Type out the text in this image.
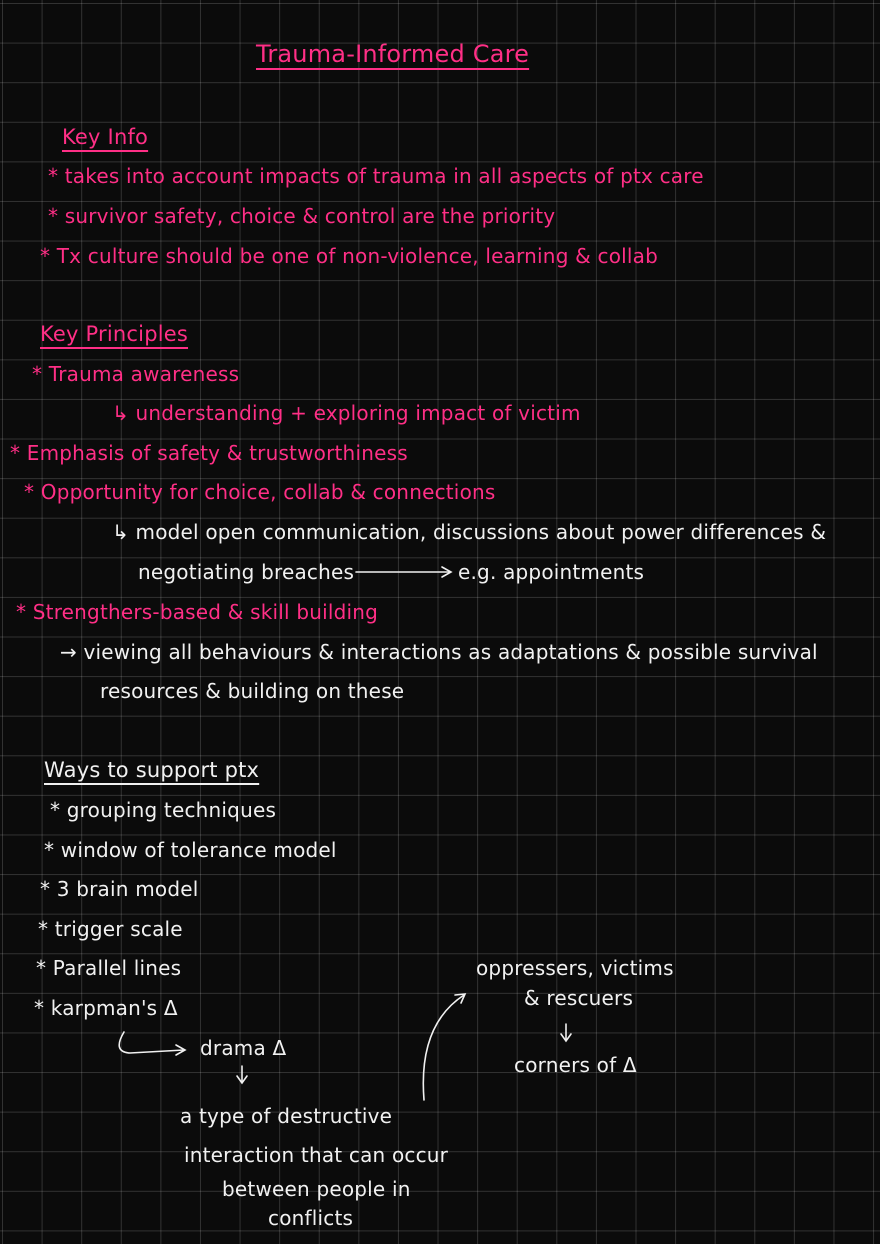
Trauma-Informed Care
Key Info
* takes into account impacts of trauma in all aspects of ptx care
* survivor safety, choice & control are the priority
* Tx culture should be one of non-violence, learning & collab
Key Principles
* Trauma awareness
↳ understanding + exploring impact of victim
* Emphasis of safety & trustworthiness
* Opportunity for choice, collab & connections
↳ model open communication, discussions about power differences &
negotiating breaches	e.g. appointments
* Strengthers-based & skill building
→ viewing all behaviours & interactions as adaptations & possible survival
resources & building on these
Ways to support ptx
* grouping techniques
* window of tolerance model
* 3 brain model
* trigger scale
* Parallel lines
* karpman's Δ
drama Δ
a type of destructive
interaction that can occur
between people in
conflicts
oppressers, victims
& rescuers
corners of Δ
